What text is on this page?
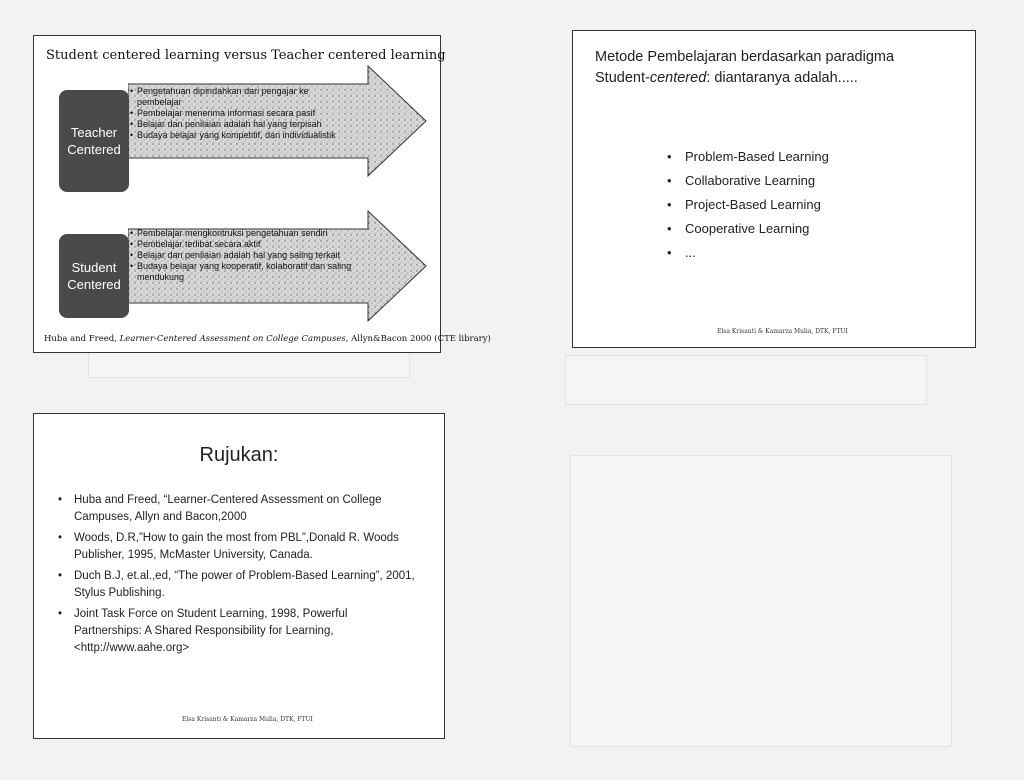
Student centered learning versus Teacher centered learning
Teacher
Centered
• Pengetahuan dipindahkan dari pengajar ke pembelajar
• Pembelajar menerima informasi secara pasif
• Belajar dan penilaian adalah hal yang terpisah
• Budaya belajar yang kompetitif, dan individualistik
Student
Centered
• Pembelajar mengkontruksi pengetahuan sendiri
• Pembelajar terlibat secara aktif
• Belajar dan penilaian adalah hal yang saling terkait
• Budaya belajar yang kooperatif, kolaboratif dan saling mendukung
Huba and Freed, Learner-Centered Assessment on College Campuses, Allyn&Bacon 2000 (CTE library)
Metode Pembelajaran berdasarkan paradigma
Student-centered: diantaranya adalah.....
• Problem-Based Learning
• Collaborative Learning
• Project-Based Learning
• Cooperative Learning
• ...
Elsa Krisanti & Kamarza Mulia, DTK, FTUI
Rujukan:
• Huba and Freed, “Learner-Centered Assessment on College Campuses, Allyn and Bacon,2000
• Woods, D.R,”How to gain the most from PBL”,Donald R. Woods Publisher, 1995, McMaster University, Canada.
• Duch B.J, et.al.,ed, “The power of Problem-Based Learning”, 2001, Stylus Publishing.
• Joint Task Force on Student Learning, 1998, Powerful Partnerships: A Shared Responsibility for Learning, <http://www.aahe.org>
Elsa Krisanti & Kamarza Mulia, DTK, FTUI
